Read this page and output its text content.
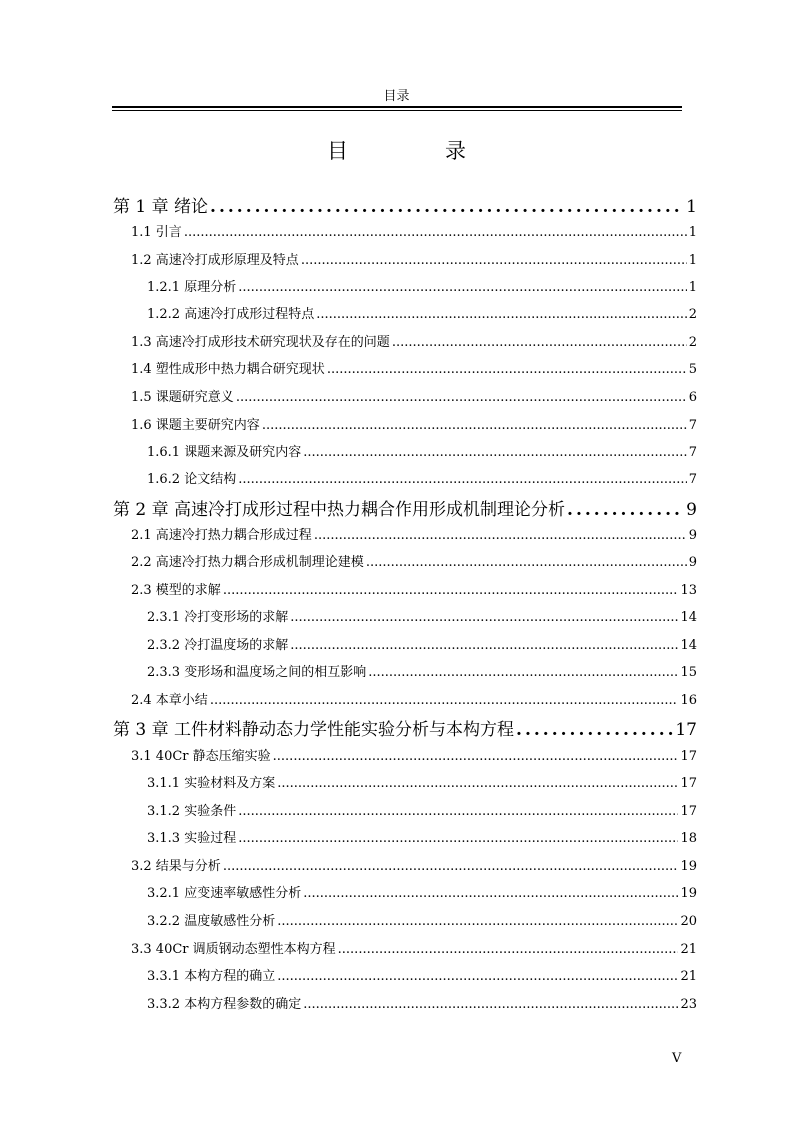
目录
目　录
第 1 章 绪论 .....	1
1.1 引言 .....	1
1.2 高速冷打成形原理及特点 .....	1
1.2.1 原理分析 .....	1
1.2.2 高速冷打成形过程特点 .....	2
1.3 高速冷打成形技术研究现状及存在的问题 .....	2
1.4 塑性成形中热力耦合研究现状 .....	5
1.5 课题研究意义 .....	6
1.6 课题主要研究内容 .....	7
1.6.1 课题来源及研究内容 .....	7
1.6.2 论文结构 .....	7
第 2 章 高速冷打成形过程中热力耦合作用形成机制理论分析 .....	9
2.1 高速冷打热力耦合形成过程 .....	9
2.2 高速冷打热力耦合形成机制理论建模 .....	9
2.3 模型的求解 .....	13
2.3.1 冷打变形场的求解 .....	14
2.3.2 冷打温度场的求解 .....	14
2.3.3 变形场和温度场之间的相互影响 .....	15
2.4 本章小结 .....	16
第 3 章 工件材料静动态力学性能实验分析与本构方程 .....	17
3.1 40Cr 静态压缩实验 .....	17
3.1.1 实验材料及方案 .....	17
3.1.2 实验条件 .....	17
3.1.3 实验过程 .....	18
3.2 结果与分析 .....	19
3.2.1 应变速率敏感性分析 .....	19
3.2.2 温度敏感性分析 .....	20
3.3 40Cr 调质钢动态塑性本构方程 .....	21
3.3.1 本构方程的确立 .....	21
3.3.2 本构方程参数的确定 .....	23
V
